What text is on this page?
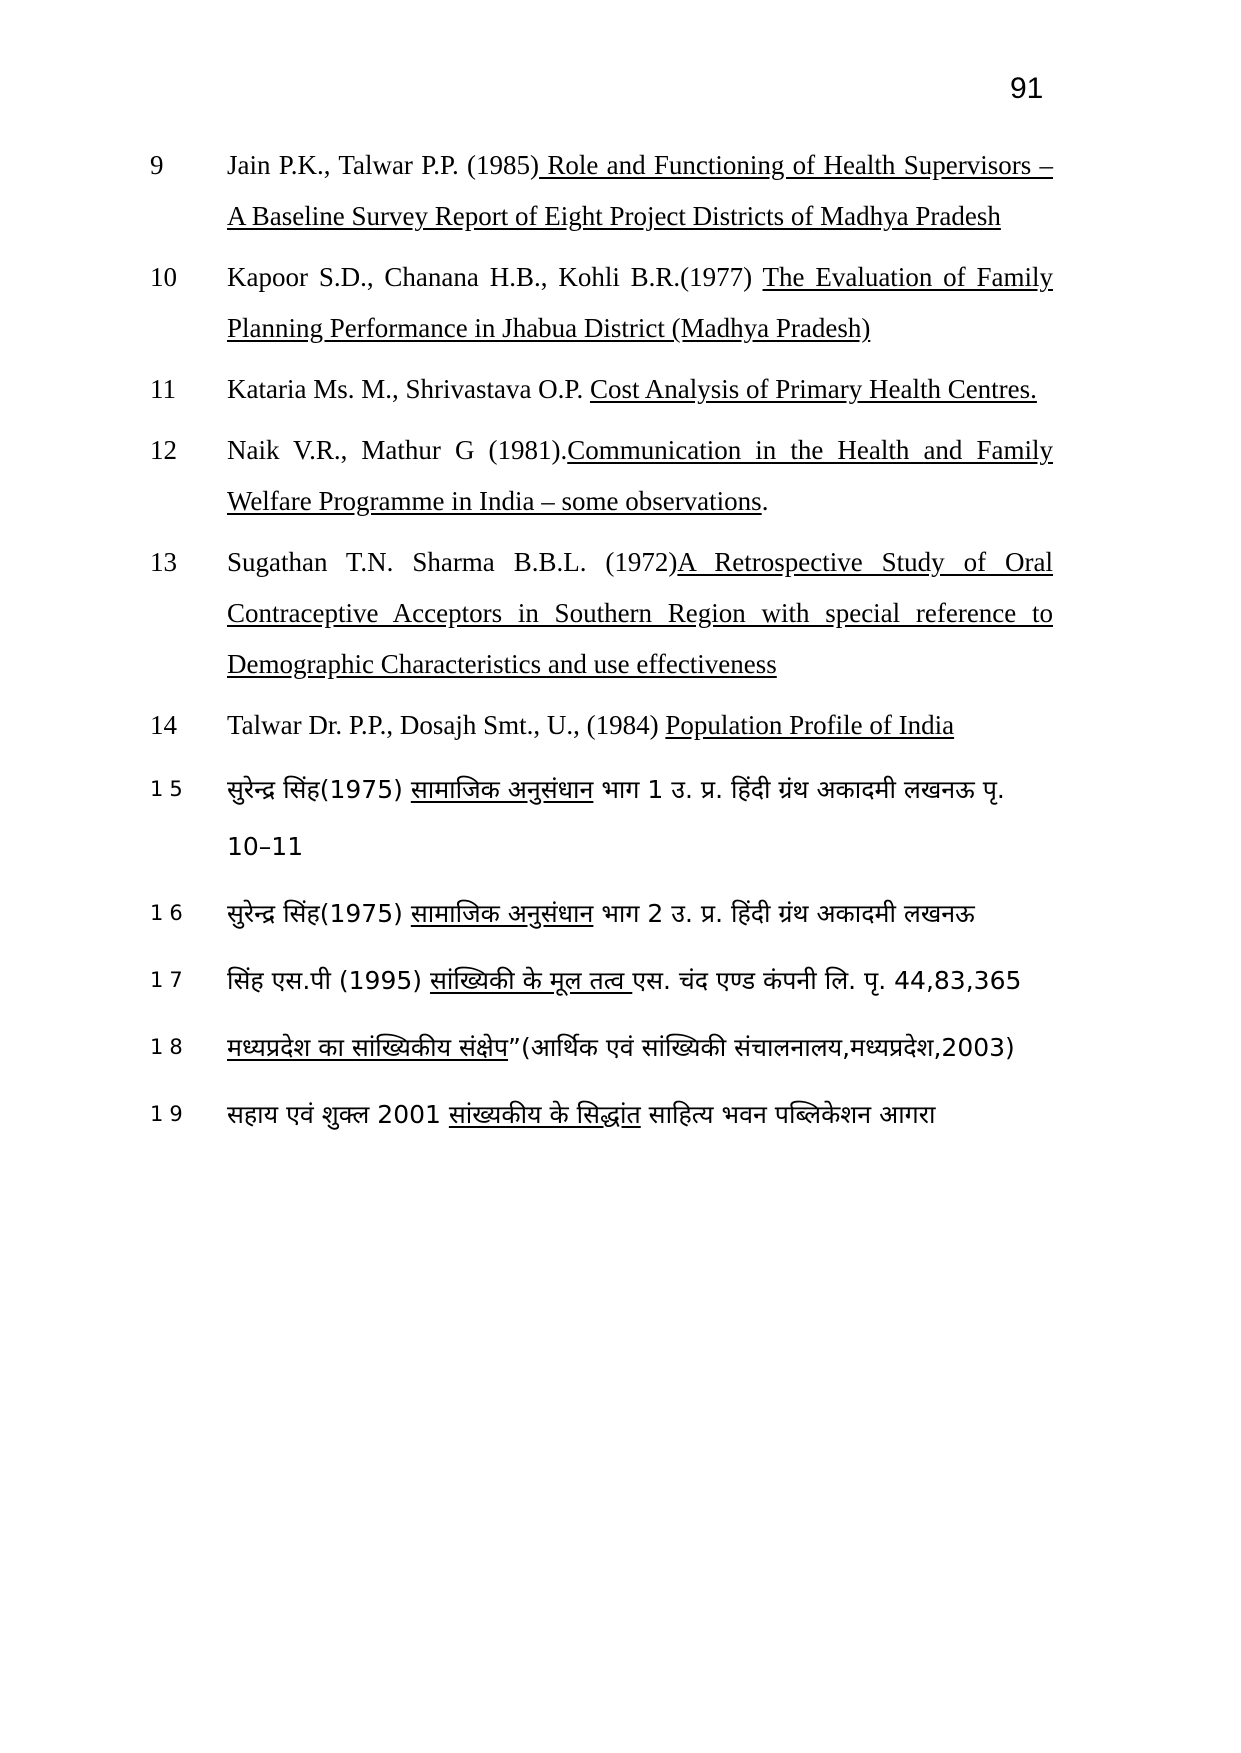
91
9 Jain P.K., Talwar P.P. (1985) Role and Functioning of Health Supervisors – A Baseline Survey Report of Eight Project Districts of Madhya Pradesh
10 Kapoor S.D., Chanana H.B., Kohli B.R.(1977) The Evaluation of Family Planning Performance in Jhabua District (Madhya Pradesh)
11 Kataria Ms. M., Shrivastava O.P. Cost Analysis of Primary Health Centres.
12 Naik V.R., Mathur G (1981).Communication in the Health and Family Welfare Programme in India – some observations.
13 Sugathan T.N. Sharma B.B.L. (1972)A Retrospective Study of Oral Contraceptive Acceptors in Southern Region with special reference to Demographic Characteristics and use effectiveness
14 Talwar Dr. P.P., Dosajh Smt., U., (1984) Population Profile of India
15 सुरेन्द्र सिंह(1975) सामाजिक अनुसंधान भाग 1 उ. प्र. हिंदी ग्रंथ अकादमी लखनऊ पृ. 10–11
16 सुरेन्द्र सिंह(1975) सामाजिक अनुसंधान भाग 2 उ. प्र. हिंदी ग्रंथ अकादमी लखनऊ
17 सिंह एस.पी (1995) सांख्यिकी के मूल तत्व एस. चंद एण्ड कंपनी लि. पृ. 44,83,365
18 मध्यप्रदेश का सांख्यिकीय संक्षेप”(आर्थिक एवं सांख्यिकी संचालनालय,मध्यप्रदेश,2003)
19 सहाय एवं शुक्ल 2001 सांख्यकीय के सिद्धांत साहित्य भवन पब्लिकेशन आगरा
